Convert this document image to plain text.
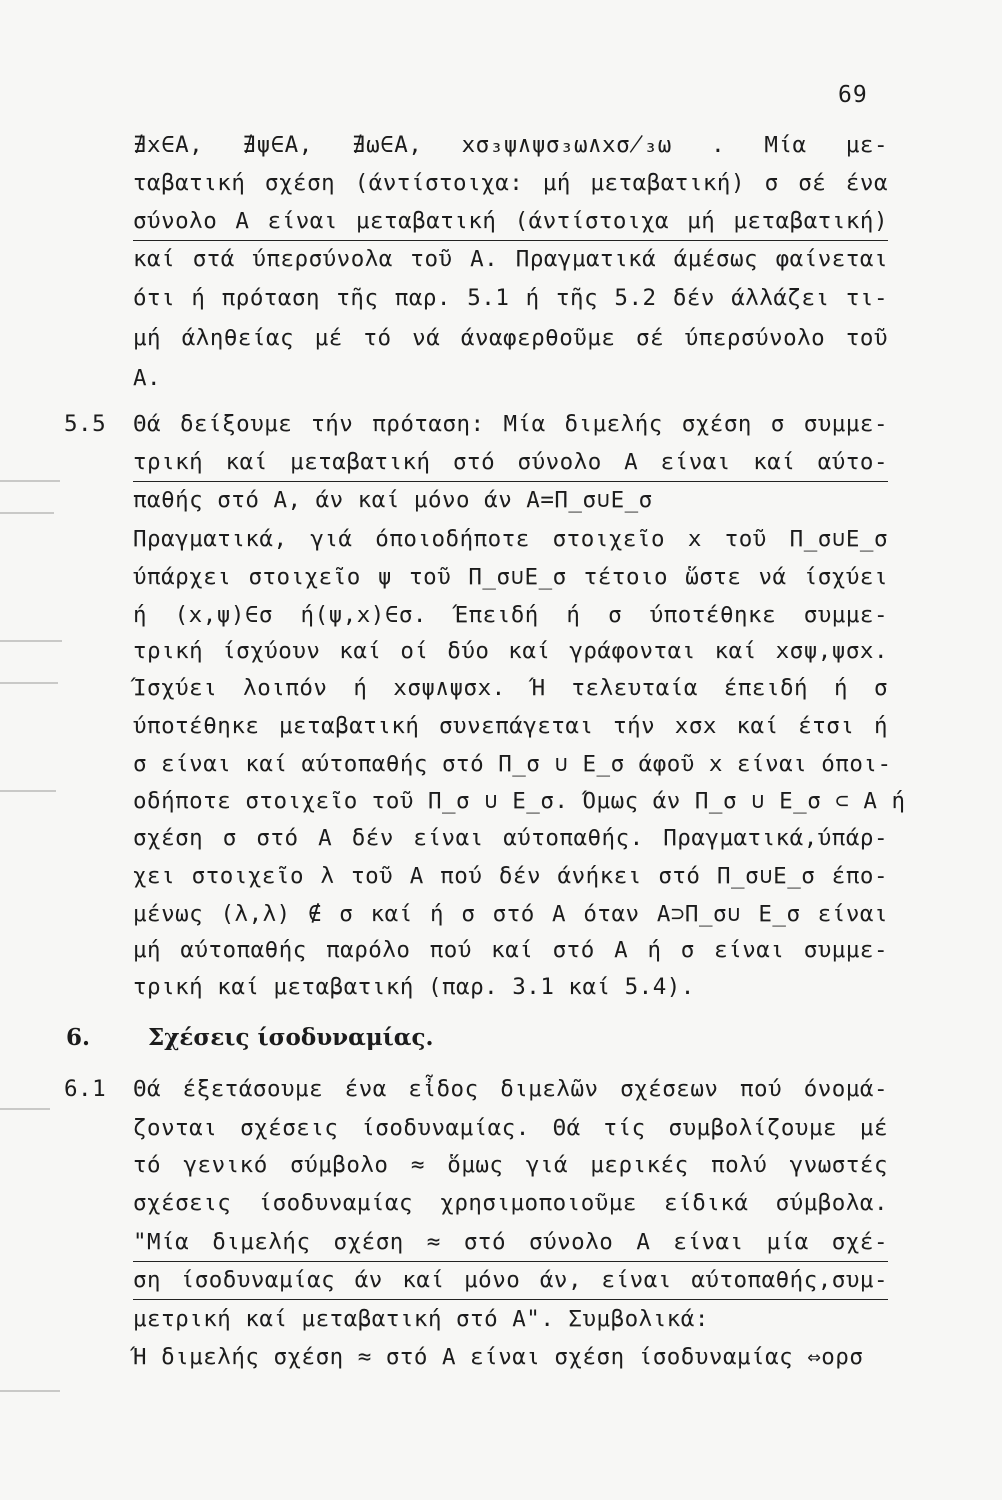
69
∄x∈A, ∄ψ∈A, ∄ω∈A, xσ₃ψ∧ψσ₃ω∧xσ̸₃ω . Μία με-
ταβατική σχέση (άντίστοιχα: μή μεταβατική) σ σέ ένα
σύνολο Α είναι μεταβατική (άντίστοιχα μή μεταβατική)
καί στά ύπερσύνολα τοῦ Α. Πραγματικά άμέσως φαίνεται
ότι ή πρόταση τῆς παρ. 5.1 ή τῆς 5.2 δέν άλλάζει τι-
μή άληθείας μέ τό νά άναφερθοῦμε σέ ύπερσύνολο τοῦ
Α.
5.5 Θά δείξουμε τήν πρόταση: Μία διμελής σχέση σ συμμε-
τρική καί μεταβατική στό σύνολο Α είναι καί αύτο-
παθής στό Α, άν καί μόνο άν Α=Π_σ∪Ε_σ
Πραγματικά, γιά όποιοδήποτε στοιχεῖο x τοῦ Π_σ∪Ε_σ
ύπάρχει στοιχεῖο ψ τοῦ Π_σ∪Ε_σ τέτοιο ὥστε νά ίσχύει
ή (x,ψ)∈σ ή(ψ,x)∈σ. Έπειδή ή σ ύποτέθηκε συμμε-
τρική ίσχύουν καί οί δύο καί γράφονται καί xσψ,ψσx.
Ίσχύει λοιπόν ή xσψ∧ψσx. Ή τελευταία έπειδή ή σ
ύποτέθηκε μεταβατική συνεπάγεται τήν xσx καί έτσι ή
σ είναι καί αύτοπαθής στό Π_σ ∪ Ε_σ άφοῦ x είναι όποι-
οδήποτε στοιχεῖο τοῦ Π_σ ∪ Ε_σ. Όμως άν Π_σ ∪ Ε_σ ⊂ Α ή
σχέση σ στό Α δέν είναι αύτοπαθής. Πραγματικά,ύπάρ-
χει στοιχεῖο λ τοῦ Α πού δέν άνήκει στό Π_σ∪Ε_σ έπο-
μένως (λ,λ) ∉ σ καί ή σ στό Α όταν Α⊃Π_σ∪ Ε_σ είναι
μή αύτοπαθής παρόλο πού καί στό Α ή σ είναι συμμε-
τρική καί μεταβατική (παρ. 3.1 καί 5.4).
6.	Σχέσεις ίσοδυναμίας.
6.1 Θά έξετάσουμε ένα εἶδος διμελῶν σχέσεων πού όνομά-
ζονται σχέσεις ίσοδυναμίας. Θά τίς συμβολίζουμε μέ
τό γενικό σύμβολο ≈ ὅμως γιά μερικές πολύ γνωστές
σχέσεις ίσοδυναμίας χρησιμοποιοῦμε είδικά σύμβολα.
"Μία διμελής σχέση ≈ στό σύνολο Α είναι μία σχέ-
ση ίσοδυναμίας άν καί μόνο άν, είναι αύτοπαθής,συμ-
μετρική καί μεταβατική στό Α". Συμβολικά:
Ή διμελής σχέση ≈ στό Α είναι σχέση ίσοδυναμίας ⇔ορσ
